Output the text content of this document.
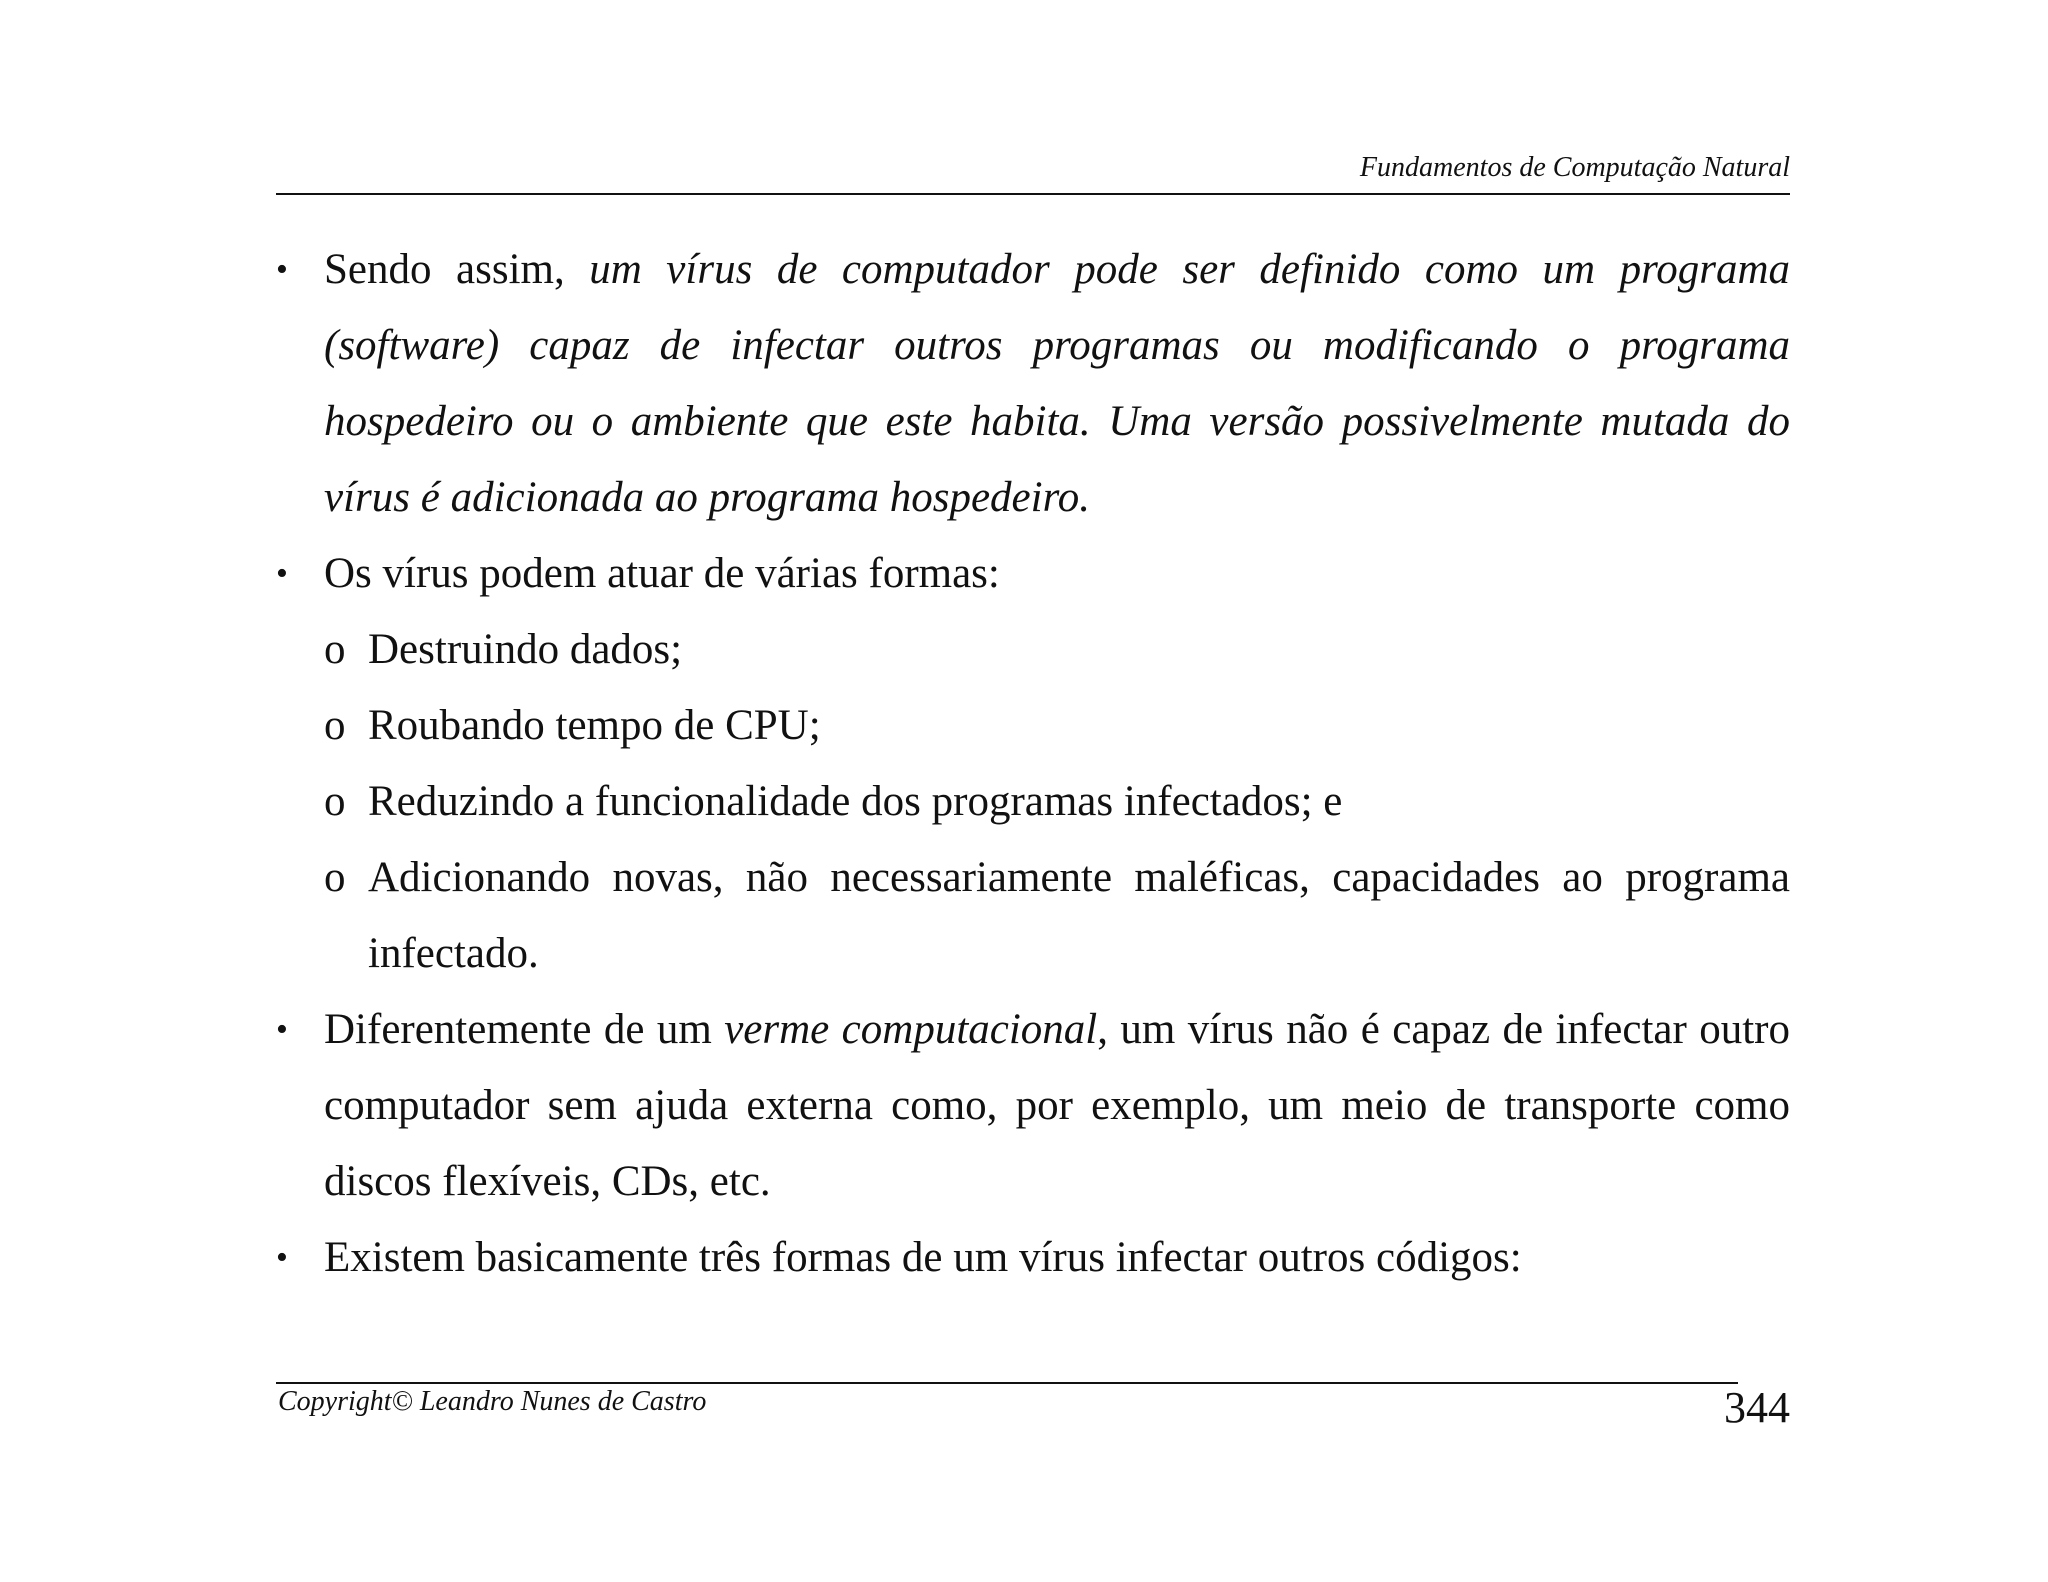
Fundamentos de Computação Natural
• Sendo assim, um vírus de computador pode ser definido como um programa (software) capaz de infectar outros programas ou modificando o programa hospedeiro ou o ambiente que este habita. Uma versão possivelmente mutada do vírus é adicionada ao programa hospedeiro.
• Os vírus podem atuar de várias formas:
o Destruindo dados;
o Roubando tempo de CPU;
o Reduzindo a funcionalidade dos programas infectados; e
o Adicionando novas, não necessariamente maléficas, capacidades ao programa infectado.
• Diferentemente de um verme computacional, um vírus não é capaz de infectar outro computador sem ajuda externa como, por exemplo, um meio de transporte como discos flexíveis, CDs, etc.
• Existem basicamente três formas de um vírus infectar outros códigos:
Copyright© Leandro Nunes de Castro	344
